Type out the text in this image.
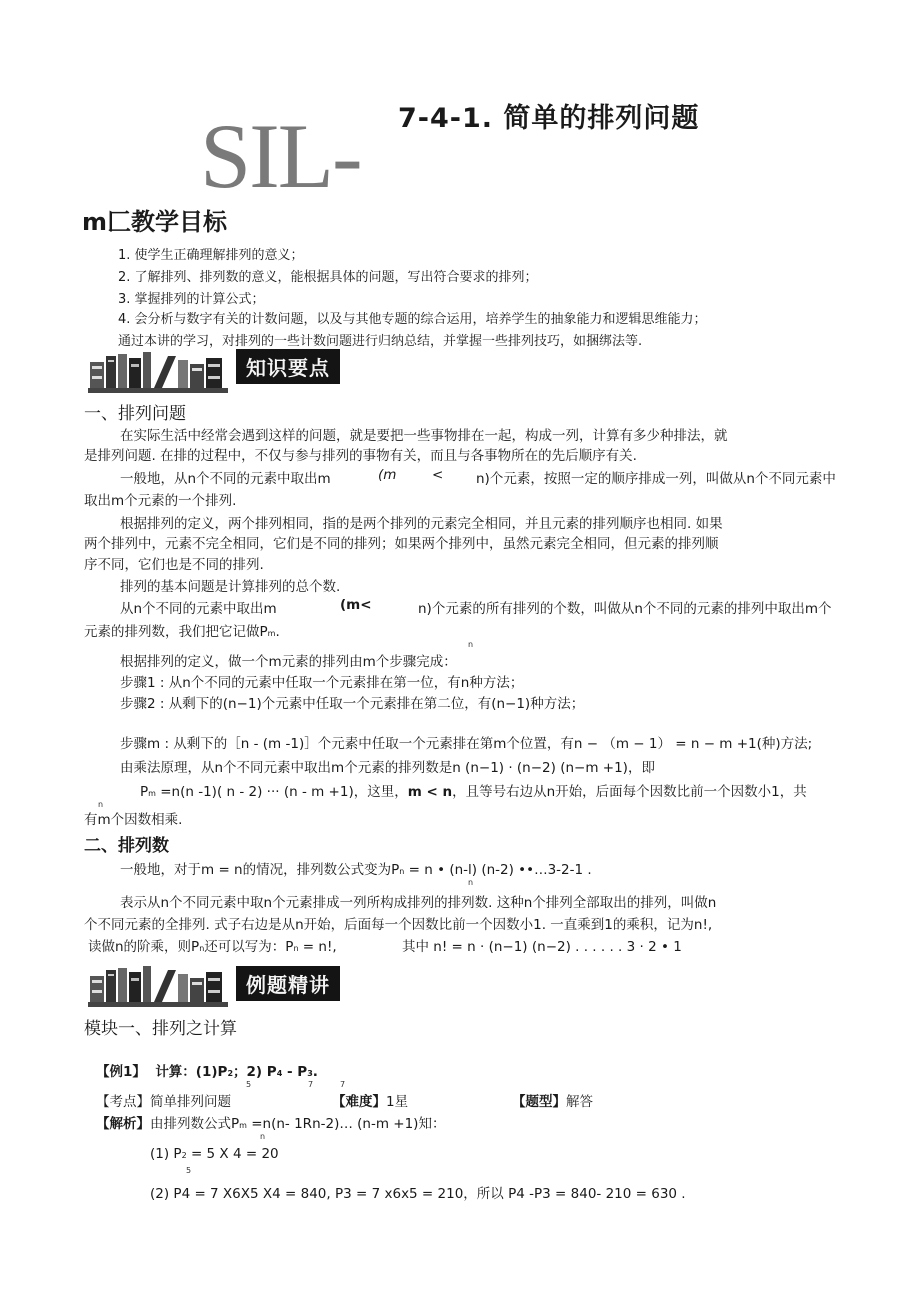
7-4-1. 简单的排列问题
SIL-
m匚教学目标
1. 使学生正确理解排列的意义；
2. 了解排列、排列数的意义，能根据具体的问题，写出符合要求的排列；
3. 掌握排列的计算公式；
4. 会分析与数字有关的计数问题，以及与其他专题的综合运用，培养学生的抽象能力和逻辑思维能力；
通过本讲的学习，对排列的一些计数问题进行归纳总结，并掌握一些排列技巧，如捆绑法等.
知识要点
一、排列问题
在实际生活中经常会遇到这样的问题，就是要把一些事物排在一起，构成一列，计算有多少种排法，就
是排列问题. 在排的过程中，不仅与参与排列的事物有关，而且与各事物所在的先后顺序有关.
一般地，从n个不同的元素中取出m	(m	< n)个元素，按照一定的顺序排成一列，叫做从n个不同元素中
取出m个元素的一个排列.
根据排列的定义，两个排列相同，指的是两个排列的元素完全相同，并且元素的排列顺序也相同. 如果
两个排列中，元素不完全相同，它们是不同的排列；如果两个排列中，虽然元素完全相同，但元素的排列顺
序不同，它们也是不同的排列.
排列的基本问题是计算排列的总个数.
从n个不同的元素中取出m	(m<	n)个元素的所有排列的个数，叫做从n个不同的元素的排列中取出m个
元素的排列数，我们把它记做Pm.
n
根据排列的定义，做一个m元素的排列由m个步骤完成：
步骤1 : 从n个不同的元素中任取一个元素排在第一位，有n种方法；
步骤2 : 从剩下的(n−1)个元素中任取一个元素排在第二位，有(n−1)种方法；
步骤m : 从剩下的［n - (m -1)］个元素中任取一个元素排在第m个位置，有n − （m − 1） = n − m +1(种)方法;
由乘法原理，从n个不同元素中取出m个元素的排列数是n (n−1) · (n−2) (n−m +1)，即
Pm =n(n -1)( n - 2) ··· (n - m +1)，这里，m < n，且等号右边从n开始，后面每个因数比前一个因数小1，共
n
有m个因数相乘.
二、排列数
一般地，对于m = n的情况，排列数公式变为Pn = n • (n-l) (n-2) ••…3-2-1 .
n
表示从n个不同元素中取n个元素排成一列所构成排列的排列数. 这种n个排列全部取出的排列，叫做n
个不同元素的全排列. 式子右边是从n开始，后面每一个因数比前一个因数小1. 一直乘到1的乘积，记为n!,
读做n的阶乘，则Pn还可以写为：Pn = n!,	其中 n! = n · (n−1) (n−2) . . . . . . 3 · 2 • 1
例题精讲
模块一、排列之计算
【例1】 计算：(1)P2；2) P4 - P3.
5	7	7
【考点】简单排列问题	【难度】1星	【题型】解答
【解析】由排列数公式Pm =n(n- 1Rn-2)… (n-m +1)知：
n
(1) P2 = 5 X 4 = 20
5
(2) P4 = 7 X6X5 X4 = 840, P3 = 7 x6x5 = 210，所以 P4 -P3 = 840- 210 = 630 .
